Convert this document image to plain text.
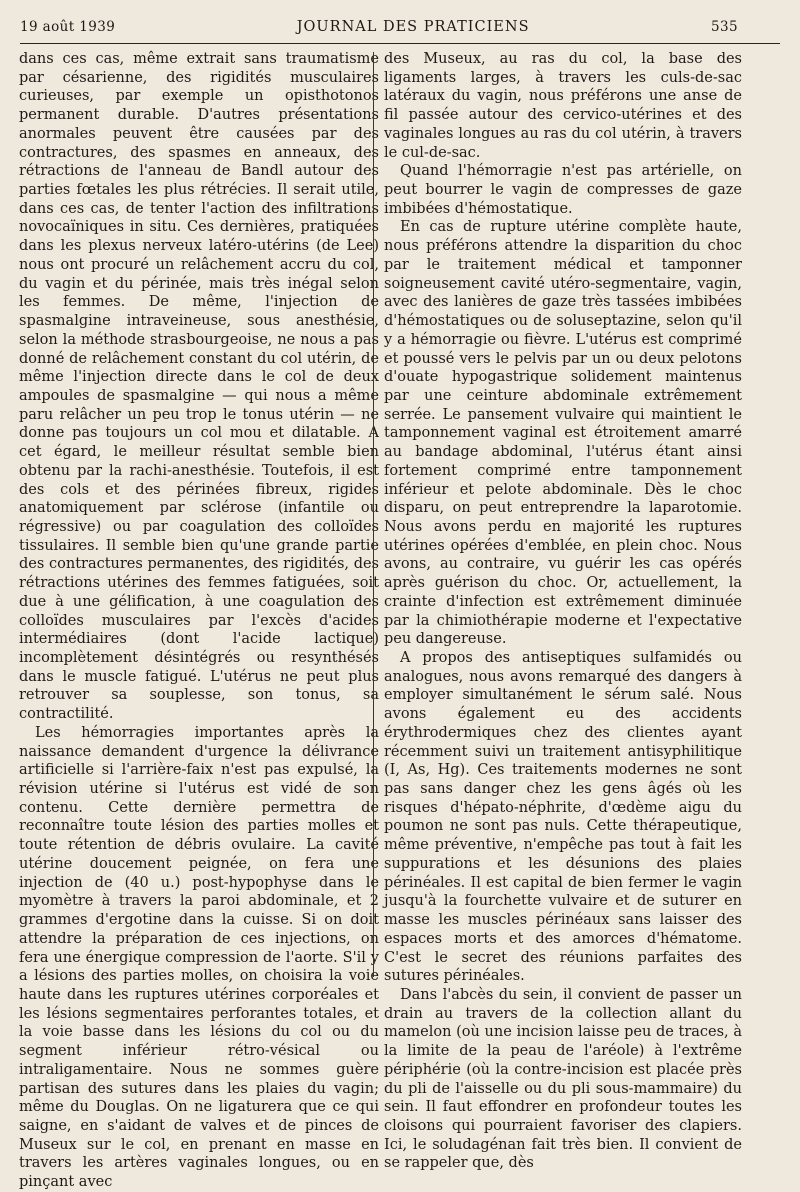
19 août 1939	JOURNAL DES PRATICIENS	535

dans ces cas, même extrait sans traumatisme par césarienne, des rigidités musculaires curieuses, par exemple un opisthotonos permanent durable. D'autres présentations anormales peuvent être causées par des contractures, des spasmes en anneaux, des rétractions de l'anneau de Bandl autour des parties fœtales les plus rétrécies. Il serait utile, dans ces cas, de tenter l'action des infiltrations novocaïniques in situ. Ces dernières, pratiquées dans les plexus nerveux latéro-utérins (de Lee) nous ont procuré un relâchement accru du col, du vagin et du périnée, mais très inégal selon les femmes. De même, l'injection de spasmalgine intraveineuse, sous anesthésie, selon la méthode strasbourgeoise, ne nous a pas donné de relâchement constant du col utérin, de même l'injection directe dans le col de deux ampoules de spasmalgine — qui nous a même paru relâcher un peu trop le tonus utérin — ne donne pas toujours un col mou et dilatable. A cet égard, le meilleur résultat semble bien obtenu par la rachi-anesthésie. Toutefois, il est des cols et des périnées fibreux, rigides anatomiquement par sclérose (infantile ou régressive) ou par coagulation des colloïdes tissulaires. Il semble bien qu'une grande partie des contractures permanentes, des rigidités, des rétractions utérines des femmes fatiguées, soit due à une gélification, à une coagulation des colloïdes musculaires par l'excès d'acides intermédiaires (dont l'acide lactique) incomplètement désintégrés ou resynthésés dans le muscle fatigué. L'utérus ne peut plus retrouver sa souplesse, son tonus, sa contractilité.

Les hémorragies importantes après la naissance demandent d'urgence la délivrance artificielle si l'arrière-faix n'est pas expulsé, la révision utérine si l'utérus est vidé de son contenu. Cette dernière permettra de reconnaître toute lésion des parties molles et toute rétention de débris ovulaire. La cavité utérine doucement peignée, on fera une injection de (40 u.) post-hypophyse dans le myomètre à travers la paroi abdominale, et 2 grammes d'ergotine dans la cuisse. Si on doit attendre la préparation de ces injections, on fera une énergique compression de l'aorte. S'il y a lésions des parties molles, on choisira la voie haute dans les ruptures utérines corporéales et les lésions segmentaires perforantes totales, et la voie basse dans les lésions du col ou du segment inférieur rétro-vésical ou intraligamentaire. Nous ne sommes guère partisan des sutures dans les plaies du vagin; même du Douglas. On ne ligaturera que ce qui saigne, en s'aidant de valves et de pinces de Museux sur le col, en prenant en masse en travers les artères vaginales longues, ou en pinçant avec

des Museux, au ras du col, la base des ligaments larges, à travers les culs-de-sac latéraux du vagin, nous préférons une anse de fil passée autour des cervico-utérines et des vaginales longues au ras du col utérin, à travers le cul-de-sac.

Quand l'hémorragie n'est pas artérielle, on peut bourrer le vagin de compresses de gaze imbibées d'hémostatique.

En cas de rupture utérine complète haute, nous préférons attendre la disparition du choc par le traitement médical et tamponner soigneusement cavité utéro-segmentaire, vagin, avec des lanières de gaze très tassées imbibées d'hémostatiques ou de soluseptazine, selon qu'il y a hémorragie ou fièvre. L'utérus est comprimé et poussé vers le pelvis par un ou deux pelotons d'ouate hypogastrique solidement maintenus par une ceinture abdominale extrêmement serrée. Le pansement vulvaire qui maintient le tamponnement vaginal est étroitement amarré au bandage abdominal, l'utérus étant ainsi fortement comprimé entre tamponnement inférieur et pelote abdominale. Dès le choc disparu, on peut entreprendre la laparotomie. Nous avons perdu en majorité les ruptures utérines opérées d'emblée, en plein choc. Nous avons, au contraire, vu guérir les cas opérés après guérison du choc. Or, actuellement, la crainte d'infection est extrêmement diminuée par la chimiothérapie moderne et l'expectative peu dangereuse.

A propos des antiseptiques sulfamidés ou analogues, nous avons remarqué des dangers à employer simultanément le sérum salé. Nous avons également eu des accidents érythrodermiques chez des clientes ayant récemment suivi un traitement antisyphilitique (I, As, Hg). Ces traitements modernes ne sont pas sans danger chez les gens âgés où les risques d'hépato-néphrite, d'œdème aigu du poumon ne sont pas nuls. Cette thérapeutique, même préventive, n'empêche pas tout à fait les suppurations et les désunions des plaies périnéales. Il est capital de bien fermer le vagin jusqu'à la fourchette vulvaire et de suturer en masse les muscles périnéaux sans laisser des espaces morts et des amorces d'hématome. C'est le secret des réunions parfaites des sutures périnéales.

Dans l'abcès du sein, il convient de passer un drain au travers de la collection allant du mamelon (où une incision laisse peu de traces, à la limite de la peau de l'aréole) à l'extrême périphérie (où la contre-incision est placée près du pli de l'aisselle ou du pli sous-mammaire) du sein. Il faut effondrer en profondeur toutes les cloisons qui pourraient favoriser des clapiers. Ici, le soludagénan fait très bien. Il convient de se rappeler que, dès
